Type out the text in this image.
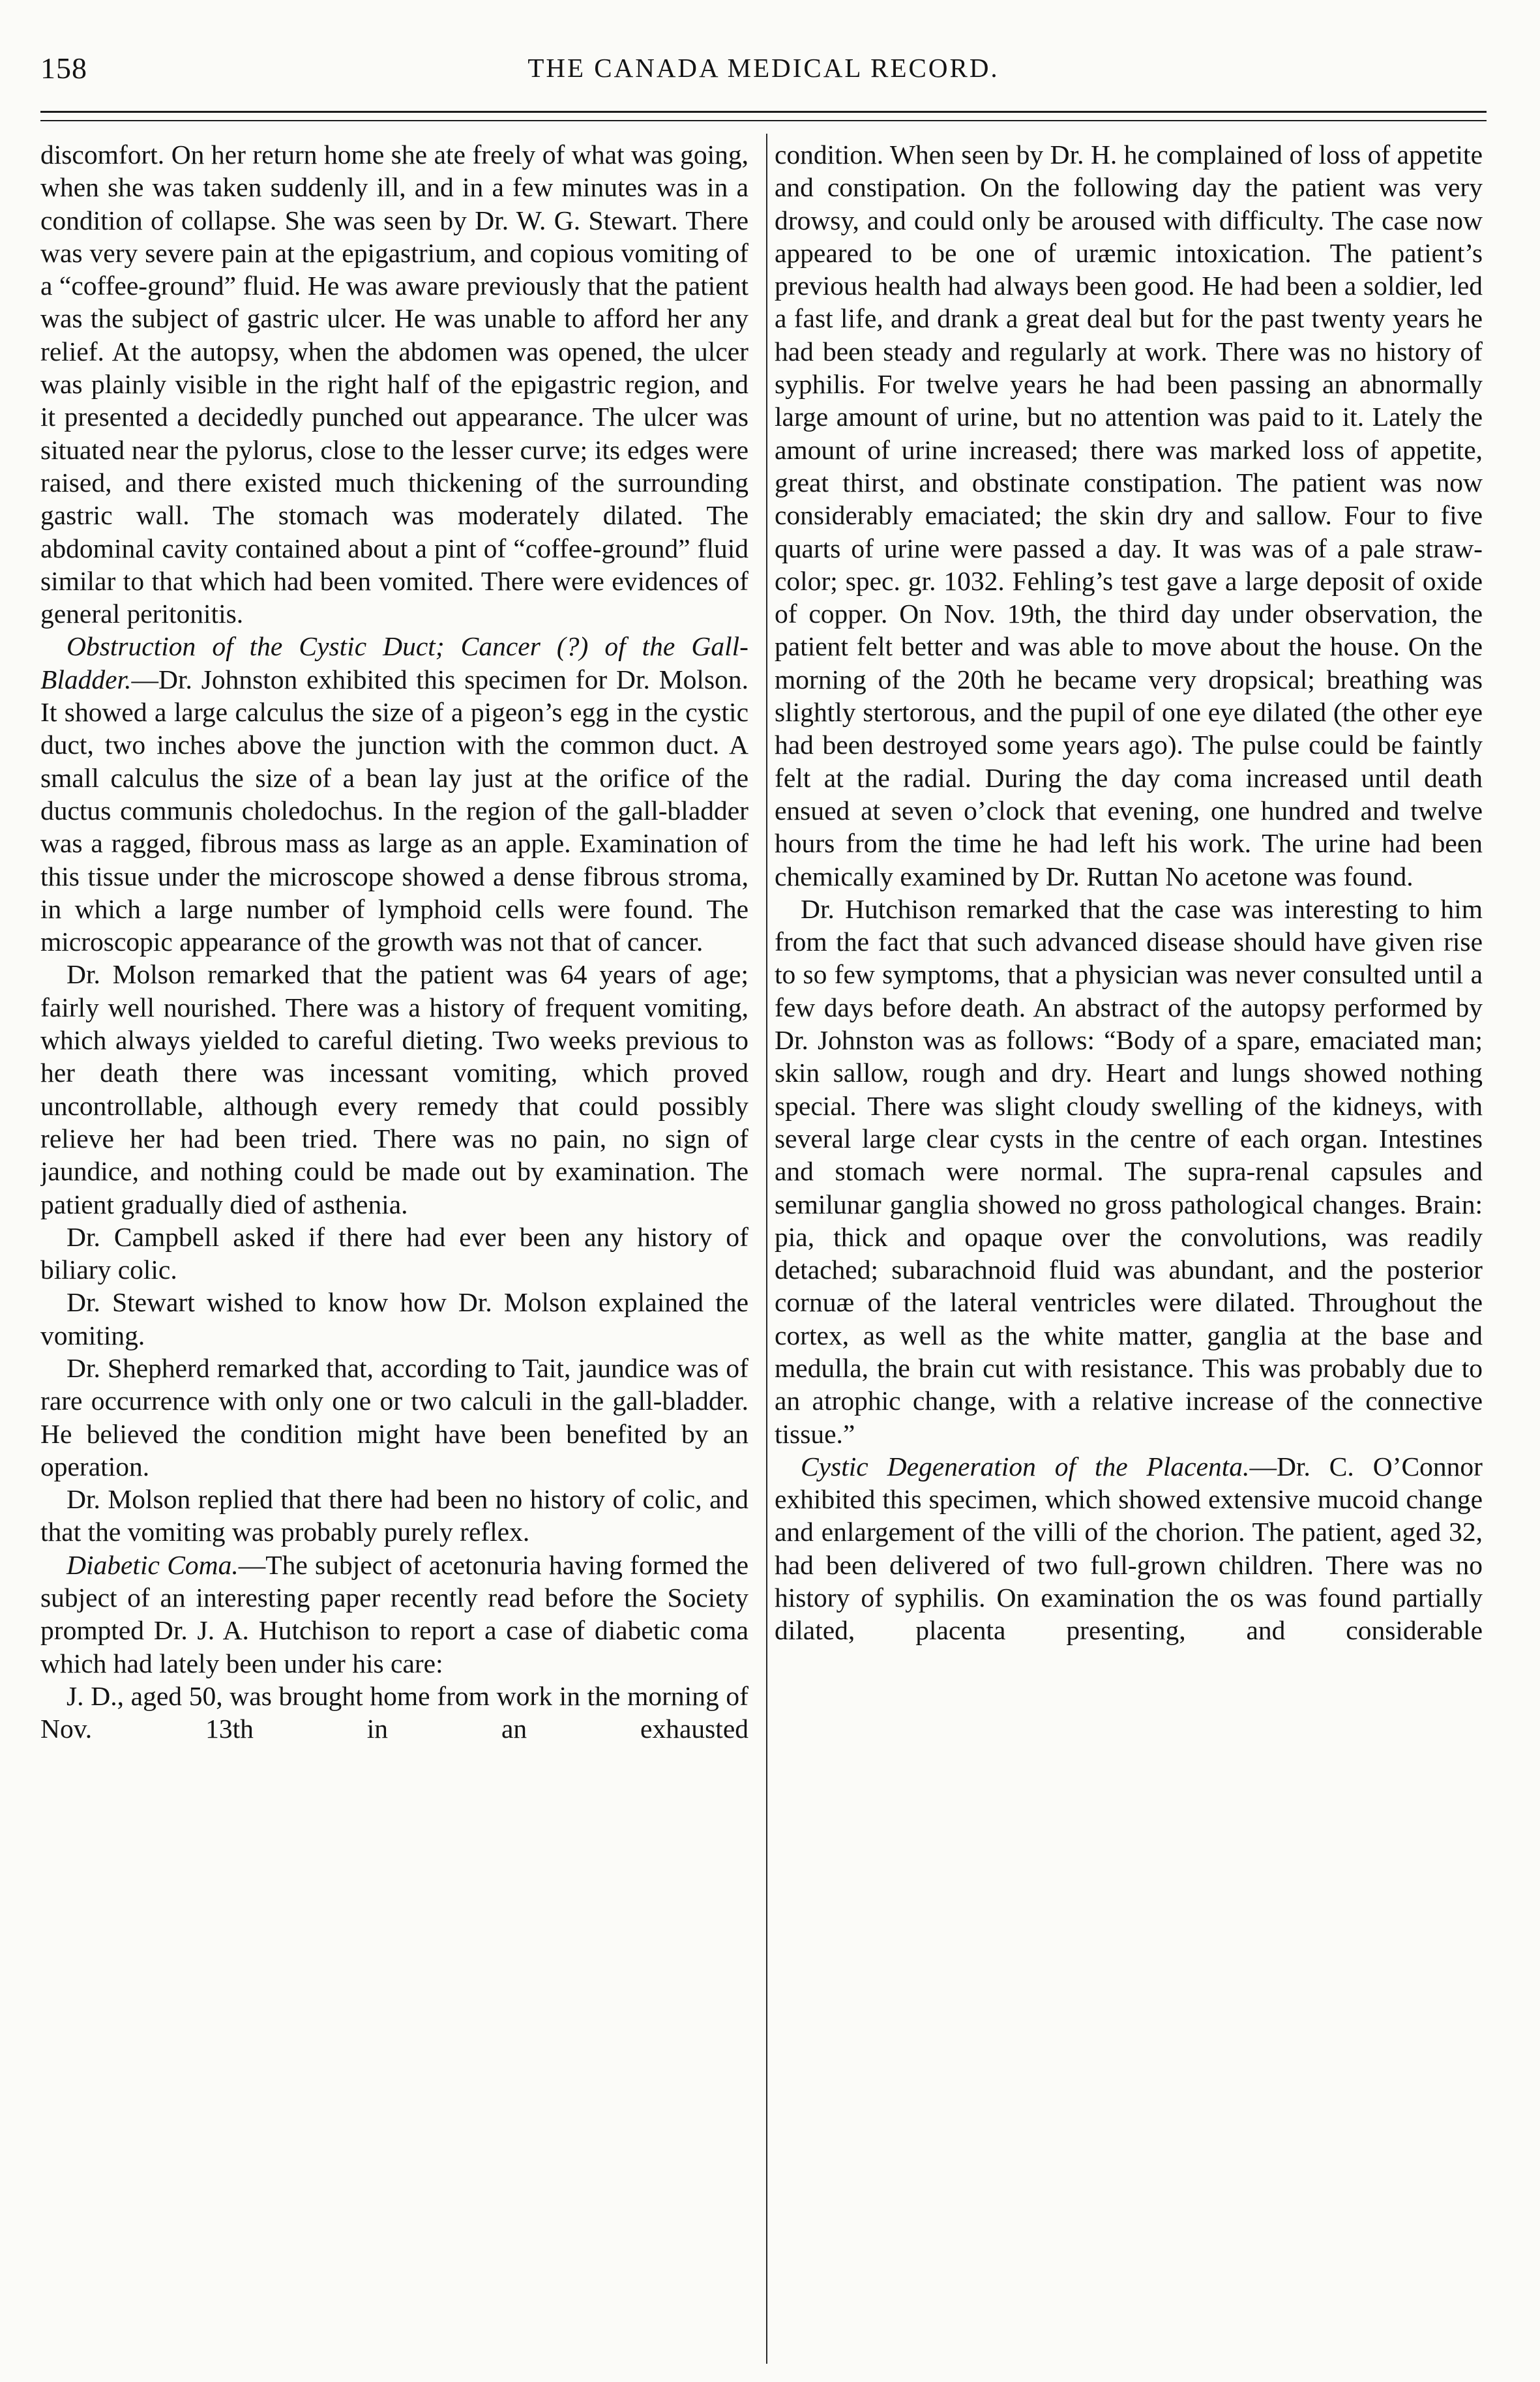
158	THE CANADA MEDICAL RECORD.

discomfort. On her return home she ate freely of what was going, when she was taken suddenly ill, and in a few minutes was in a condition of collapse. She was seen by Dr. W. G. Stewart. There was very severe pain at the epigastrium, and copious vomiting of a “coffee-ground” fluid. He was aware previously that the patient was the subject of gastric ulcer. He was unable to afford her any relief. At the autopsy, when the abdomen was opened, the ulcer was plainly visible in the right half of the epigastric region, and it presented a decidedly punched out appearance. The ulcer was situated near the pylorus, close to the lesser curve; its edges were raised, and there existed much thickening of the surrounding gastric wall. The stomach was moderately dilated. The abdominal cavity contained about a pint of “coffee-ground” fluid similar to that which had been vomited. There were evidences of general peritonitis.

Obstruction of the Cystic Duct; Cancer (?) of the Gall-Bladder.—Dr. Johnston exhibited this specimen for Dr. Molson. It showed a large calculus the size of a pigeon’s egg in the cystic duct, two inches above the junction with the common duct. A small calculus the size of a bean lay just at the orifice of the ductus communis choledochus. In the region of the gall-bladder was a ragged, fibrous mass as large as an apple. Examination of this tissue under the microscope showed a dense fibrous stroma, in which a large number of lymphoid cells were found. The microscopic appearance of the growth was not that of cancer.

Dr. Molson remarked that the patient was 64 years of age; fairly well nourished. There was a history of frequent vomiting, which always yielded to careful dieting. Two weeks previous to her death there was incessant vomiting, which proved uncontrollable, although every remedy that could possibly relieve her had been tried. There was no pain, no sign of jaundice, and nothing could be made out by examination. The patient gradually died of asthenia.

Dr. Campbell asked if there had ever been any history of biliary colic.

Dr. Stewart wished to know how Dr. Molson explained the vomiting.

Dr. Shepherd remarked that, according to Tait, jaundice was of rare occurrence with only one or two calculi in the gall-bladder. He believed the condition might have been benefited by an operation.

Dr. Molson replied that there had been no history of colic, and that the vomiting was probably purely reflex.

Diabetic Coma.—The subject of acetonuria having formed the subject of an interesting paper recently read before the Society prompted Dr. J. A. Hutchison to report a case of diabetic coma which had lately been under his care:

J. D., aged 50, was brought home from work in the morning of Nov. 13th in an exhausted

condition. When seen by Dr. H. he complained of loss of appetite and constipation. On the following day the patient was very drowsy, and could only be aroused with difficulty. The case now appeared to be one of uræmic intoxication. The patient’s previous health had always been good. He had been a soldier, led a fast life, and drank a great deal but for the past twenty years he had been steady and regularly at work. There was no history of syphilis. For twelve years he had been passing an abnormally large amount of urine, but no attention was paid to it. Lately the amount of urine increased; there was marked loss of appetite, great thirst, and obstinate constipation. The patient was now considerably emaciated; the skin dry and sallow. Four to five quarts of urine were passed a day. It was was of a pale straw-color; spec. gr. 1032. Fehling’s test gave a large deposit of oxide of copper. On Nov. 19th, the third day under observation, the patient felt better and was able to move about the house. On the morning of the 20th he became very dropsical; breathing was slightly stertorous, and the pupil of one eye dilated (the other eye had been destroyed some years ago). The pulse could be faintly felt at the radial. During the day coma increased until death ensued at seven o’clock that evening, one hundred and twelve hours from the time he had left his work. The urine had been chemically examined by Dr. Ruttan No acetone was found.

Dr. Hutchison remarked that the case was interesting to him from the fact that such advanced disease should have given rise to so few symptoms, that a physician was never consulted until a few days before death. An abstract of the autopsy performed by Dr. Johnston was as follows: “Body of a spare, emaciated man; skin sallow, rough and dry. Heart and lungs showed nothing special. There was slight cloudy swelling of the kidneys, with several large clear cysts in the centre of each organ. Intestines and stomach were normal. The supra-renal capsules and semilunar ganglia showed no gross pathological changes. Brain: pia, thick and opaque over the convolutions, was readily detached; subarachnoid fluid was abundant, and the posterior cornuæ of the lateral ventricles were dilated. Throughout the cortex, as well as the white matter, ganglia at the base and medulla, the brain cut with resistance. This was probably due to an atrophic change, with a relative increase of the connective tissue.”

Cystic Degeneration of the Placenta.—Dr. C. O’Connor exhibited this specimen, which showed extensive mucoid change and enlargement of the villi of the chorion. The patient, aged 32, had been delivered of two full-grown children. There was no history of syphilis. On examination the os was found partially dilated, placenta presenting, and considerable
